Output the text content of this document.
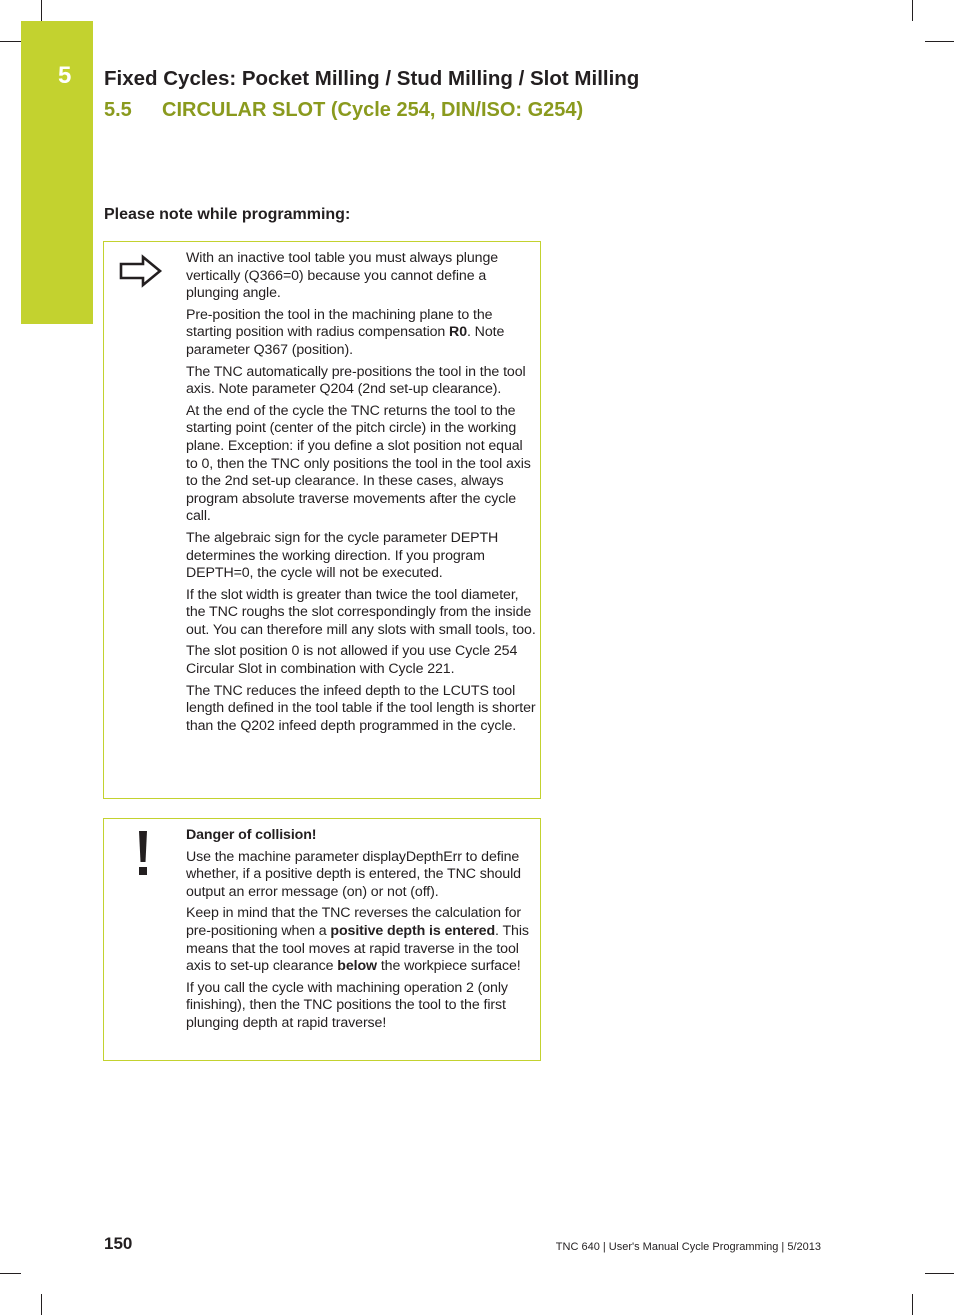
5 Fixed Cycles: Pocket Milling / Stud Milling / Slot Milling
5.5 CIRCULAR SLOT (Cycle 254, DIN/ISO: G254)
Please note while programming:

With an inactive tool table you must always plunge vertically (Q366=0) because you cannot define a plunging angle.

Pre-position the tool in the machining plane to the starting position with radius compensation R0. Note parameter Q367 (position).

The TNC automatically pre-positions the tool in the tool axis. Note parameter Q204 (2nd set-up clearance).

At the end of the cycle the TNC returns the tool to the starting point (center of the pitch circle) in the working plane. Exception: if you define a slot position not equal to 0, then the TNC only positions the tool in the tool axis to the 2nd set-up clearance. In these cases, always program absolute traverse movements after the cycle call.

The algebraic sign for the cycle parameter DEPTH determines the working direction. If you program DEPTH=0, the cycle will not be executed.

If the slot width is greater than twice the tool diameter, the TNC roughs the slot correspondingly from the inside out. You can therefore mill any slots with small tools, too.

The slot position 0 is not allowed if you use Cycle 254 Circular Slot in combination with Cycle 221.

The TNC reduces the infeed depth to the LCUTS tool length defined in the tool table if the tool length is shorter than the Q202 infeed depth programmed in the cycle.

Danger of collision!

Use the machine parameter displayDepthErr to define whether, if a positive depth is entered, the TNC should output an error message (on) or not (off).

Keep in mind that the TNC reverses the calculation for pre-positioning when a positive depth is entered. This means that the tool moves at rapid traverse in the tool axis to set-up clearance below the workpiece surface!

If you call the cycle with machining operation 2 (only finishing), then the TNC positions the tool to the first plunging depth at rapid traverse!

150	TNC 640 | User's Manual Cycle Programming | 5/2013
